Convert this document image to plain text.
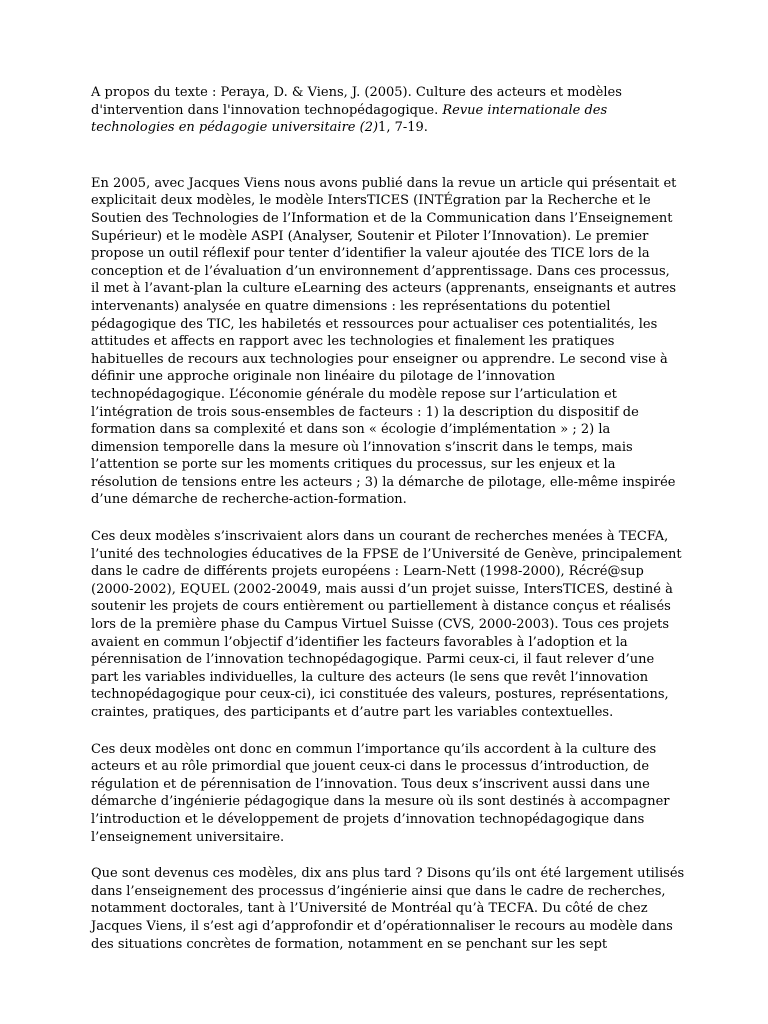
A propos du texte : Peraya, D. & Viens, J. (2005). Culture des acteurs et modèles
d'intervention dans l'innovation technopédagogique. Revue internationale des
technologies en pédagogie universitaire (2)1, 7-19.
En 2005, avec Jacques Viens nous avons publié dans la revue un article qui présentait et
explicitait deux modèles, le modèle IntersTICES (INTÉgration par la Recherche et le
Soutien des Technologies de l’Information et de la Communication dans l’Enseignement
Supérieur) et le modèle ASPI (Analyser, Soutenir et Piloter l’Innovation). Le premier
propose un outil réflexif pour tenter d’identifier la valeur ajoutée des TICE lors de la
conception et de l’évaluation d’un environnement d’apprentissage. Dans ces processus,
il met à l’avant-plan la culture eLearning des acteurs (apprenants, enseignants et autres
intervenants) analysée en quatre dimensions : les représentations du potentiel
pédagogique des TIC, les habiletés et ressources pour actualiser ces potentialités, les
attitudes et affects en rapport avec les technologies et finalement les pratiques
habituelles de recours aux technologies pour enseigner ou apprendre. Le second vise à
définir une approche originale non linéaire du pilotage de l’innovation
technopédagogique. L’économie générale du modèle repose sur l’articulation et
l’intégration de trois sous-ensembles de facteurs : 1) la description du dispositif de
formation dans sa complexité et dans son « écologie d’implémentation » ; 2) la
dimension temporelle dans la mesure où l’innovation s’inscrit dans le temps, mais
l’attention se porte sur les moments critiques du processus, sur les enjeux et la
résolution de tensions entre les acteurs ; 3) la démarche de pilotage, elle-même inspirée
d’une démarche de recherche-action-formation.
Ces deux modèles s’inscrivaient alors dans un courant de recherches menées à TECFA,
l’unité des technologies éducatives de la FPSE de l’Université de Genève, principalement
dans le cadre de différents projets européens : Learn-Nett (1998-2000), Récré@sup
(2000-2002), EQUEL (2002-20049, mais aussi d’un projet suisse, IntersTICES, destiné à
soutenir les projets de cours entièrement ou partiellement à distance conçus et réalisés
lors de la première phase du Campus Virtuel Suisse (CVS, 2000-2003). Tous ces projets
avaient en commun l’objectif d’identifier les facteurs favorables à l’adoption et la
pérennisation de l’innovation technopédagogique. Parmi ceux-ci, il faut relever d’une
part les variables individuelles, la culture des acteurs (le sens que revêt l’innovation
technopédagogique pour ceux-ci), ici constituée des valeurs, postures, représentations,
craintes, pratiques, des participants et d’autre part les variables contextuelles.
Ces deux modèles ont donc en commun l’importance qu’ils accordent à la culture des
acteurs et au rôle primordial que jouent ceux-ci dans le processus d’introduction, de
régulation et de pérennisation de l’innovation. Tous deux s’inscrivent aussi dans une
démarche d’ingénierie pédagogique dans la mesure où ils sont destinés à accompagner
l’introduction et le développement de projets d’innovation technopédagogique dans
l’enseignement universitaire.
Que sont devenus ces modèles, dix ans plus tard ? Disons qu’ils ont été largement utilisés
dans l’enseignement des processus d’ingénierie ainsi que dans le cadre de recherches,
notamment doctorales, tant à l’Université de Montréal qu’à TECFA. Du côté de chez
Jacques Viens, il s’est agi d’approfondir et d’opérationnaliser le recours au modèle dans
des situations concrètes de formation, notamment en se penchant sur les sept
